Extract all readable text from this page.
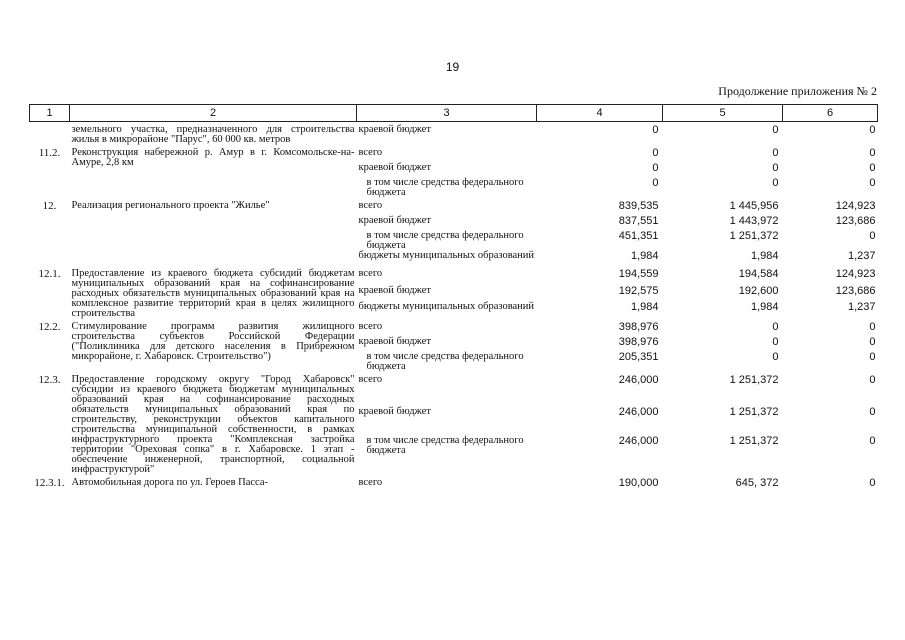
19
Продолжение приложения № 2
1	2	3	4	5	6
	земельного участка, предназначенного для строительства жилья в микрорайоне "Парус", 60 000 кв. метров	краевой бюджет	0	0	0
11.2.	Реконструкция набережной р. Амур в г. Комсомольске-на-Амуре, 2,8 км	всего	0	0	0
		краевой бюджет	0	0	0
		в том числе средства федерального бюджета	0	0	0
12.	Реализация регионального проекта "Жилье"	всего	839,535	1 445,956	124,923
		краевой бюджет	837,551	1 443,972	123,686
		в том числе средства федерального бюджета	451,351	1 251,372	0
		бюджеты муниципальных образований	1,984	1,984	1,237
12.1.	Предоставление из краевого бюджета субсидий бюджетам муниципальных образований края на софинансирование расходных обязательств муниципальных образований края на комплексное развитие территорий края в целях жилищного строительства	всего	194,559	194,584	124,923
		краевой бюджет	192,575	192,600	123,686
		бюджеты муниципальных образований	1,984	1,984	1,237
12.2.	Стимулирование программ развития жилищного строительства субъектов Российской Федерации ("Поликлиника для детского населения в Прибрежном микрорайоне, г. Хабаровск. Строительство")	всего	398,976	0	0
		краевой бюджет	398,976	0	0
		в том числе средства федерального бюджета	205,351	0	0
12.3.	Предоставление городскому округу "Город Хабаровск" субсидии из краевого бюджета бюджетам муниципальных образований края на софинансирование расходных обязательств муниципальных образований края по строительству, реконструкции объектов капитального строительства муниципальной собственности, в рамках инфраструктурного проекта "Комплексная застройка территории "Ореховая сопка" в г. Хабаровске. 1 этап - обеспечение инженерной, транспортной, социальной инфраструктурой"	всего	246,000	1 251,372	0
		краевой бюджет	246,000	1 251,372	0
		в том числе средства федерального бюджета	246,000	1 251,372	0
12.3.1.	Автомобильная дорога по ул. Героев Пасса-	всего	190,000	645, 372	0
